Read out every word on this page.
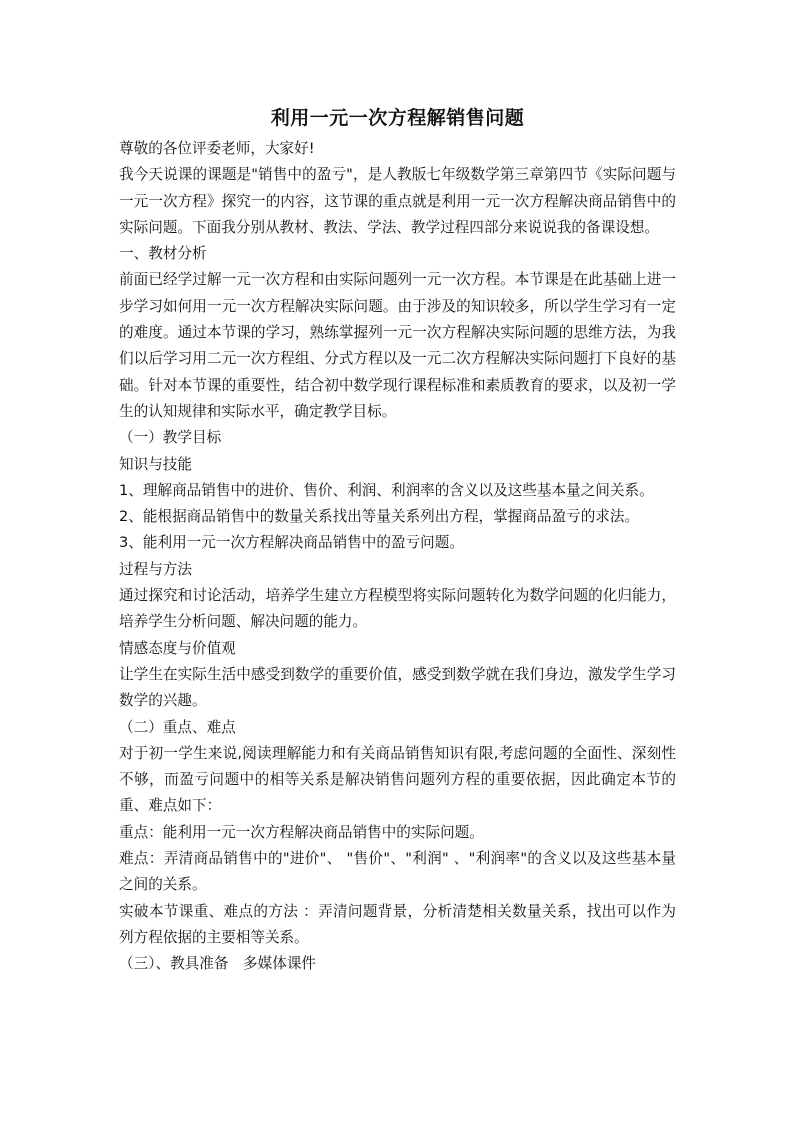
利用一元一次方程解销售问题

尊敬的各位评委老师，大家好!

我今天说课的课题是"销售中的盈亏"，是人教版七年级数学第三章第四节《实际问题与一元一次方程》探究一的内容，这节课的重点就是利用一元一次方程解决商品销售中的实际问题。下面我分别从教材、教法、学法、教学过程四部分来说说我的备课设想。

一、教材分析

前面已经学过解一元一次方程和由实际问题列一元一次方程。本节课是在此基础上进一步学习如何用一元一次方程解决实际问题。由于涉及的知识较多，所以学生学习有一定的难度。通过本节课的学习，熟练掌握列一元一次方程解决实际问题的思维方法，为我们以后学习用二元一次方程组、分式方程以及一元二次方程解决实际问题打下良好的基础。针对本节课的重要性，结合初中数学现行课程标准和素质教育的要求，以及初一学生的认知规律和实际水平，确定教学目标。

（一）教学目标

知识与技能

1、理解商品销售中的进价、售价、利润、利润率的含义以及这些基本量之间关系。

2、能根据商品销售中的数量关系找出等量关系列出方程，掌握商品盈亏的求法。

3、能利用一元一次方程解决商品销售中的盈亏问题。

过程与方法

通过探究和讨论活动，培养学生建立方程模型将实际问题转化为数学问题的化归能力，培养学生分析问题、解决问题的能力。

情感态度与价值观

让学生在实际生活中感受到数学的重要价值，感受到数学就在我们身边，激发学生学习数学的兴趣。

（二）重点、难点

对于初一学生来说,阅读理解能力和有关商品销售知识有限,考虑问题的全面性、深刻性不够，而盈亏问题中的相等关系是解决销售问题列方程的重要依据，因此确定本节的重、难点如下：

重点：能利用一元一次方程解决商品销售中的实际问题。

难点：弄清商品销售中的"进价"、 "售价"、"利润" 、"利润率"的含义以及这些基本量之间的关系。

实破本节课重、难点的方法 ：弄清问题背景，分析清楚相关数量关系，找出可以作为列方程依据的主要相等关系。

（三）、教具准备　多媒体课件
